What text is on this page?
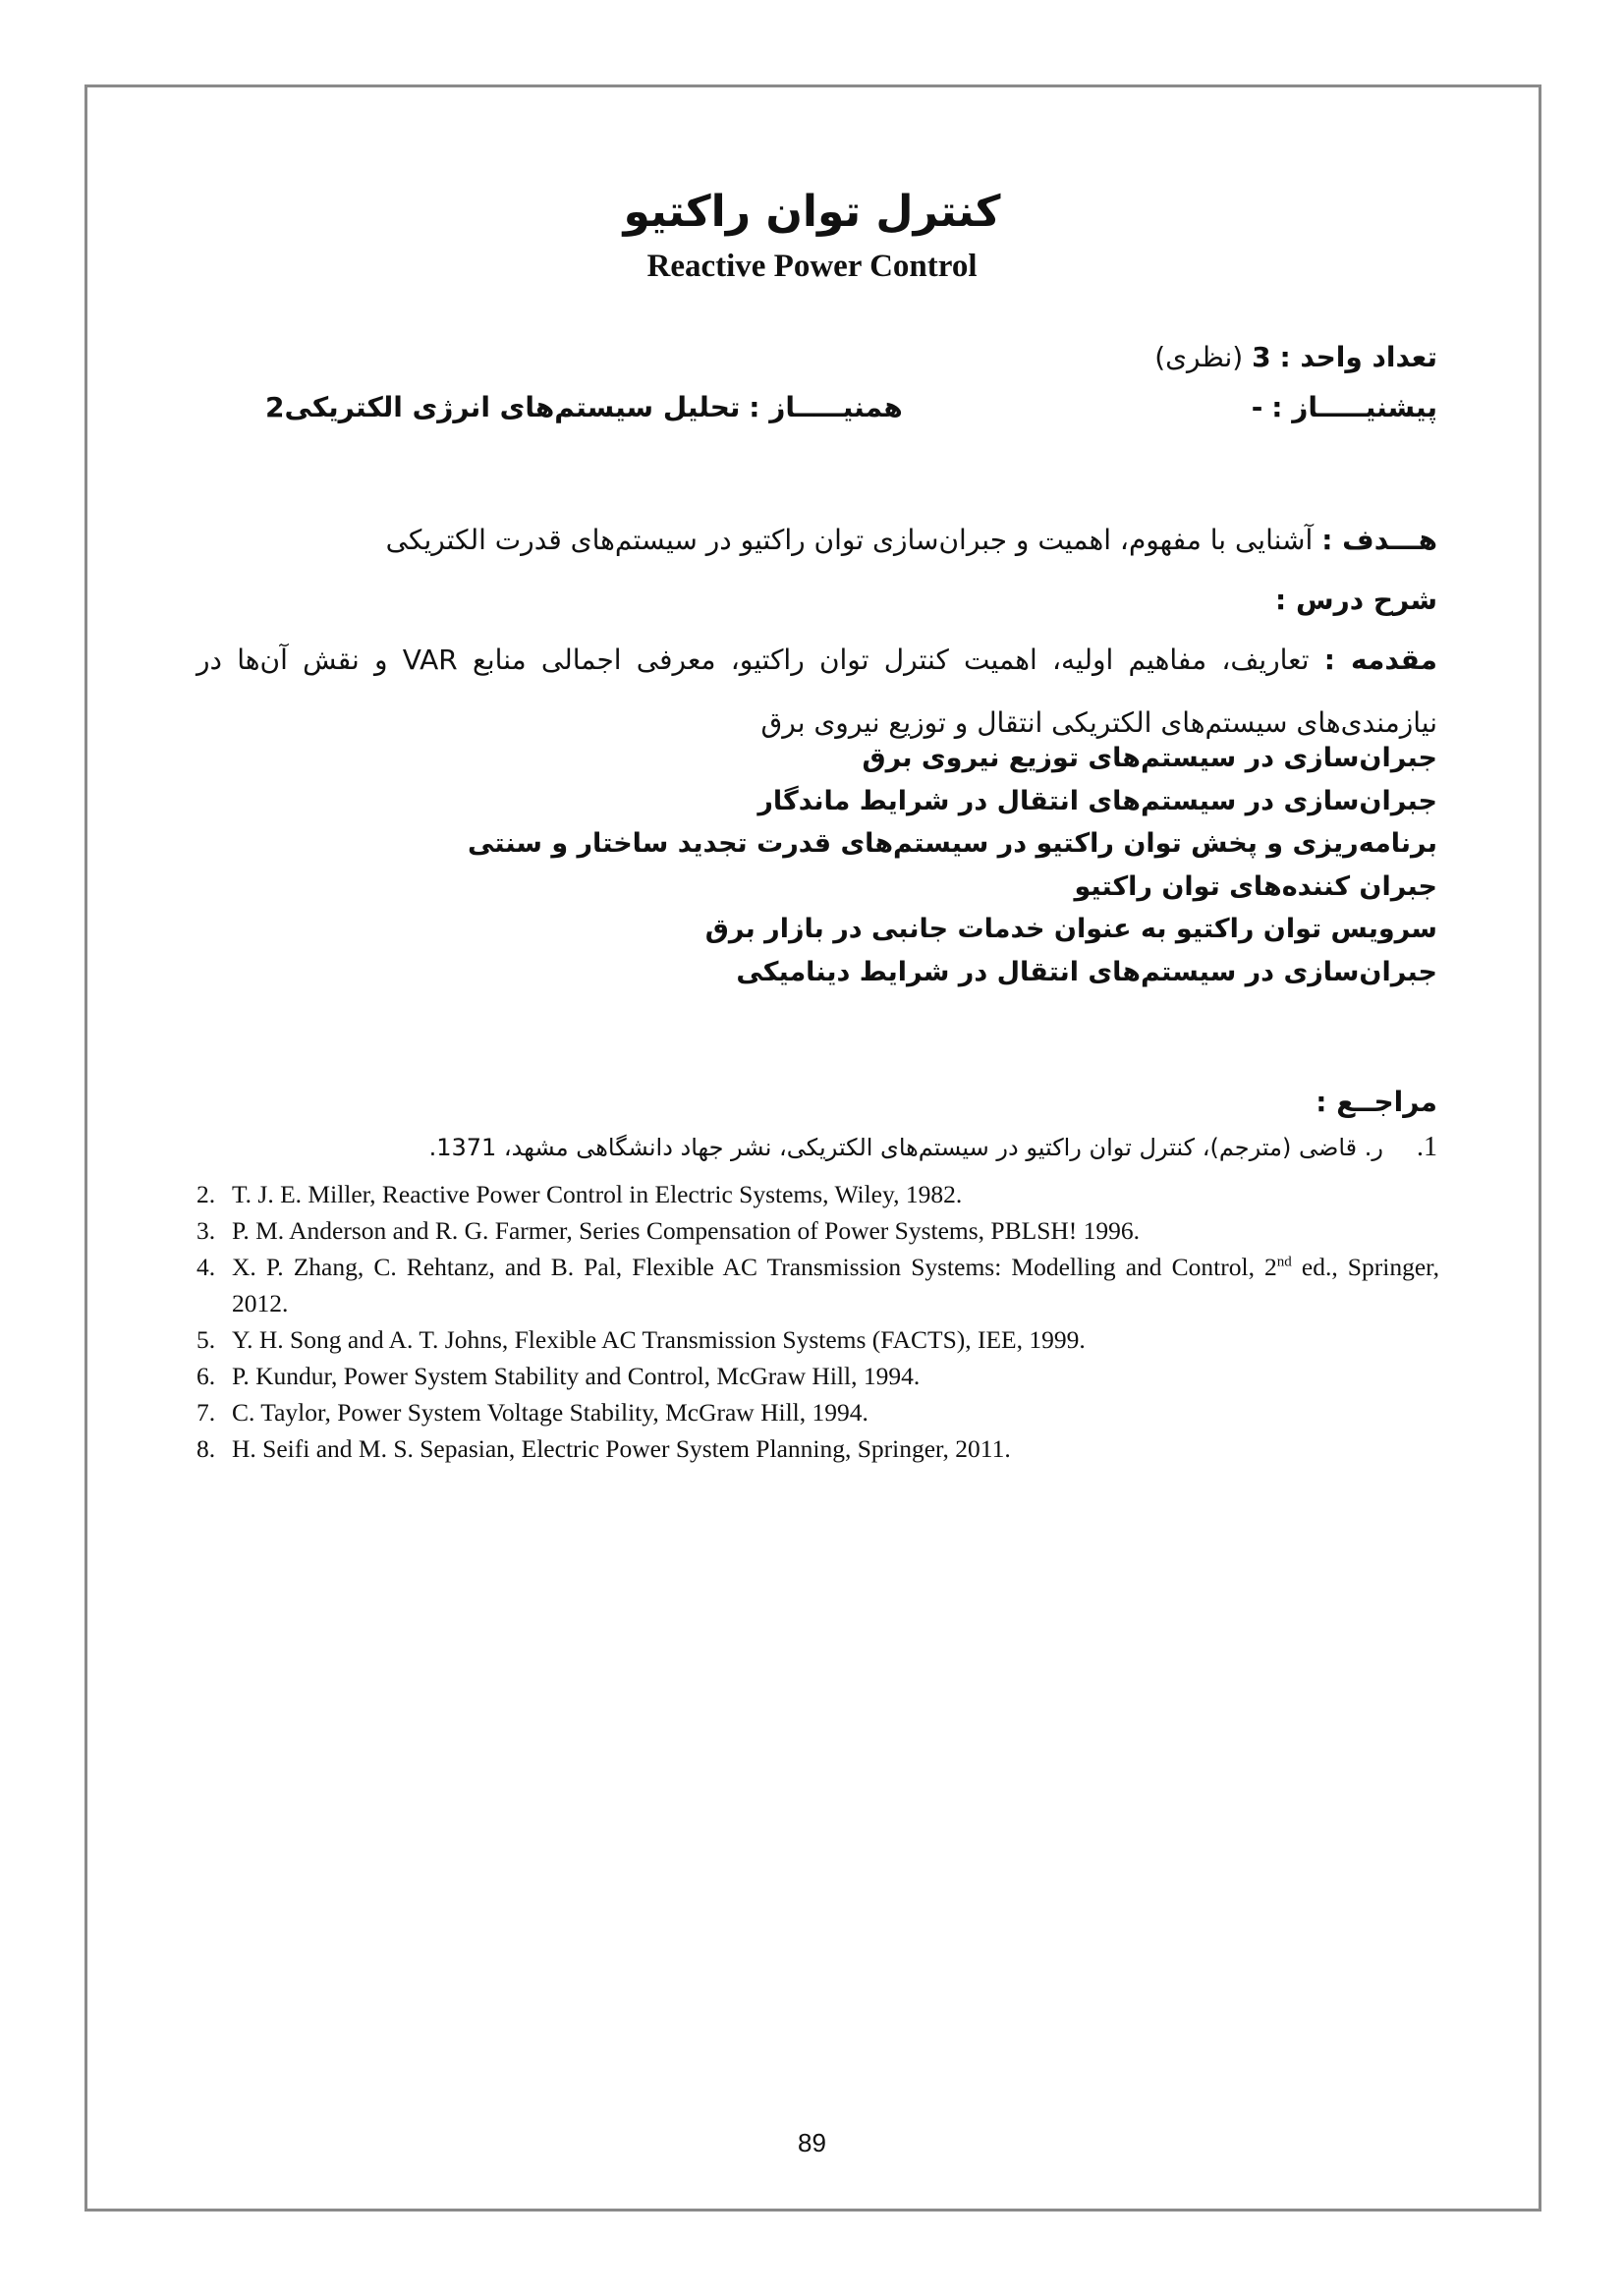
کنترل توان راکتیو
Reactive Power Control
تعداد واحد : 3 (نظری)
پیشنیـــــاز : -
همنیـــــاز : تحلیل سیستم‌های انرژی الکتریکی2
هـــدف : آشنایی با مفهوم، اهمیت و جبران‌سازی توان راکتیو در سیستم‌های قدرت الکتریکی
شرح درس :
مقدمه : تعاریف، مفاهیم اولیه، اهمیت کنترل توان راکتیو، معرفی اجمالی منابع VAR و نقش آن‌ها در نیازمندی‌های سیستم‌های الکتریکی انتقال و توزیع نیروی برق
جبران‌سازی در سیستم‌های توزیع نیروی برق
جبران‌سازی در سیستم‌های انتقال در شرایط ماندگار
برنامه‌ریزی و پخش توان راکتیو در سیستم‌های قدرت تجدید ساختار و سنتی
جبران کننده‌های توان راکتیو
سرویس توان راکتیو به عنوان خدمات جانبی در بازار برق
جبران‌سازی در سیستم‌های انتقال در شرایط دینامیکی
مراجــع :
1.ر. قاضی (مترجم)، کنترل توان راکتیو در سیستم‌های الکتریکی، نشر جهاد دانشگاهی مشهد، 1371.
2. T. J. E. Miller, Reactive Power Control in Electric Systems, Wiley, 1982.
3. P. M. Anderson and R. G. Farmer, Series Compensation of Power Systems, PBLSH! 1996.
4. X. P. Zhang, C. Rehtanz, and B. Pal, Flexible AC Transmission Systems: Modelling and Control, 2nd ed., Springer, 2012.
5. Y. H. Song and A. T. Johns, Flexible AC Transmission Systems (FACTS), IEE, 1999.
6. P. Kundur, Power System Stability and Control, McGraw Hill, 1994.
7. C. Taylor, Power System Voltage Stability, McGraw Hill, 1994.
8. H. Seifi and M. S. Sepasian, Electric Power System Planning, Springer, 2011.
89
